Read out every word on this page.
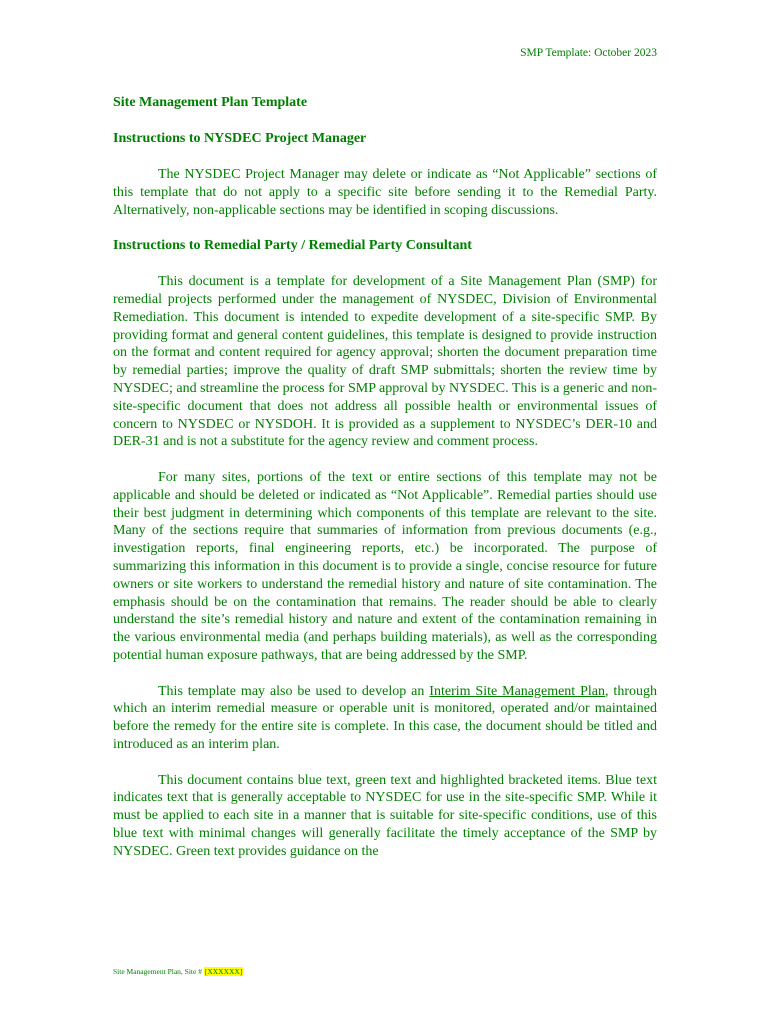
SMP Template: October 2023

Site Management Plan Template

Instructions to NYSDEC Project Manager

The NYSDEC Project Manager may delete or indicate as “Not Applicable” sections of this template that do not apply to a specific site before sending it to the Remedial Party. Alternatively, non-applicable sections may be identified in scoping discussions.

Instructions to Remedial Party / Remedial Party Consultant

This document is a template for development of a Site Management Plan (SMP) for remedial projects performed under the management of NYSDEC, Division of Environmental Remediation. This document is intended to expedite development of a site-specific SMP. By providing format and general content guidelines, this template is designed to provide instruction on the format and content required for agency approval; shorten the document preparation time by remedial parties; improve the quality of draft SMP submittals; shorten the review time by NYSDEC; and streamline the process for SMP approval by NYSDEC. This is a generic and non-site-specific document that does not address all possible health or environmental issues of concern to NYSDEC or NYSDOH. It is provided as a supplement to NYSDEC’s DER-10 and DER-31 and is not a substitute for the agency review and comment process.

For many sites, portions of the text or entire sections of this template may not be applicable and should be deleted or indicated as “Not Applicable”. Remedial parties should use their best judgment in determining which components of this template are relevant to the site. Many of the sections require that summaries of information from previous documents (e.g., investigation reports, final engineering reports, etc.) be incorporated. The purpose of summarizing this information in this document is to provide a single, concise resource for future owners or site workers to understand the remedial history and nature of site contamination. The emphasis should be on the contamination that remains. The reader should be able to clearly understand the site’s remedial history and nature and extent of the contamination remaining in the various environmental media (and perhaps building materials), as well as the corresponding potential human exposure pathways, that are being addressed by the SMP.

This template may also be used to develop an Interim Site Management Plan, through which an interim remedial measure or operable unit is monitored, operated and/or maintained before the remedy for the entire site is complete. In this case, the document should be titled and introduced as an interim plan.

This document contains blue text, green text and highlighted bracketed items. Blue text indicates text that is generally acceptable to NYSDEC for use in the site-specific SMP. While it must be applied to each site in a manner that is suitable for site-specific conditions, use of this blue text with minimal changes will generally facilitate the timely acceptance of the SMP by NYSDEC. Green text provides guidance on the

Site Management Plan, Site # [XXXXXX]
